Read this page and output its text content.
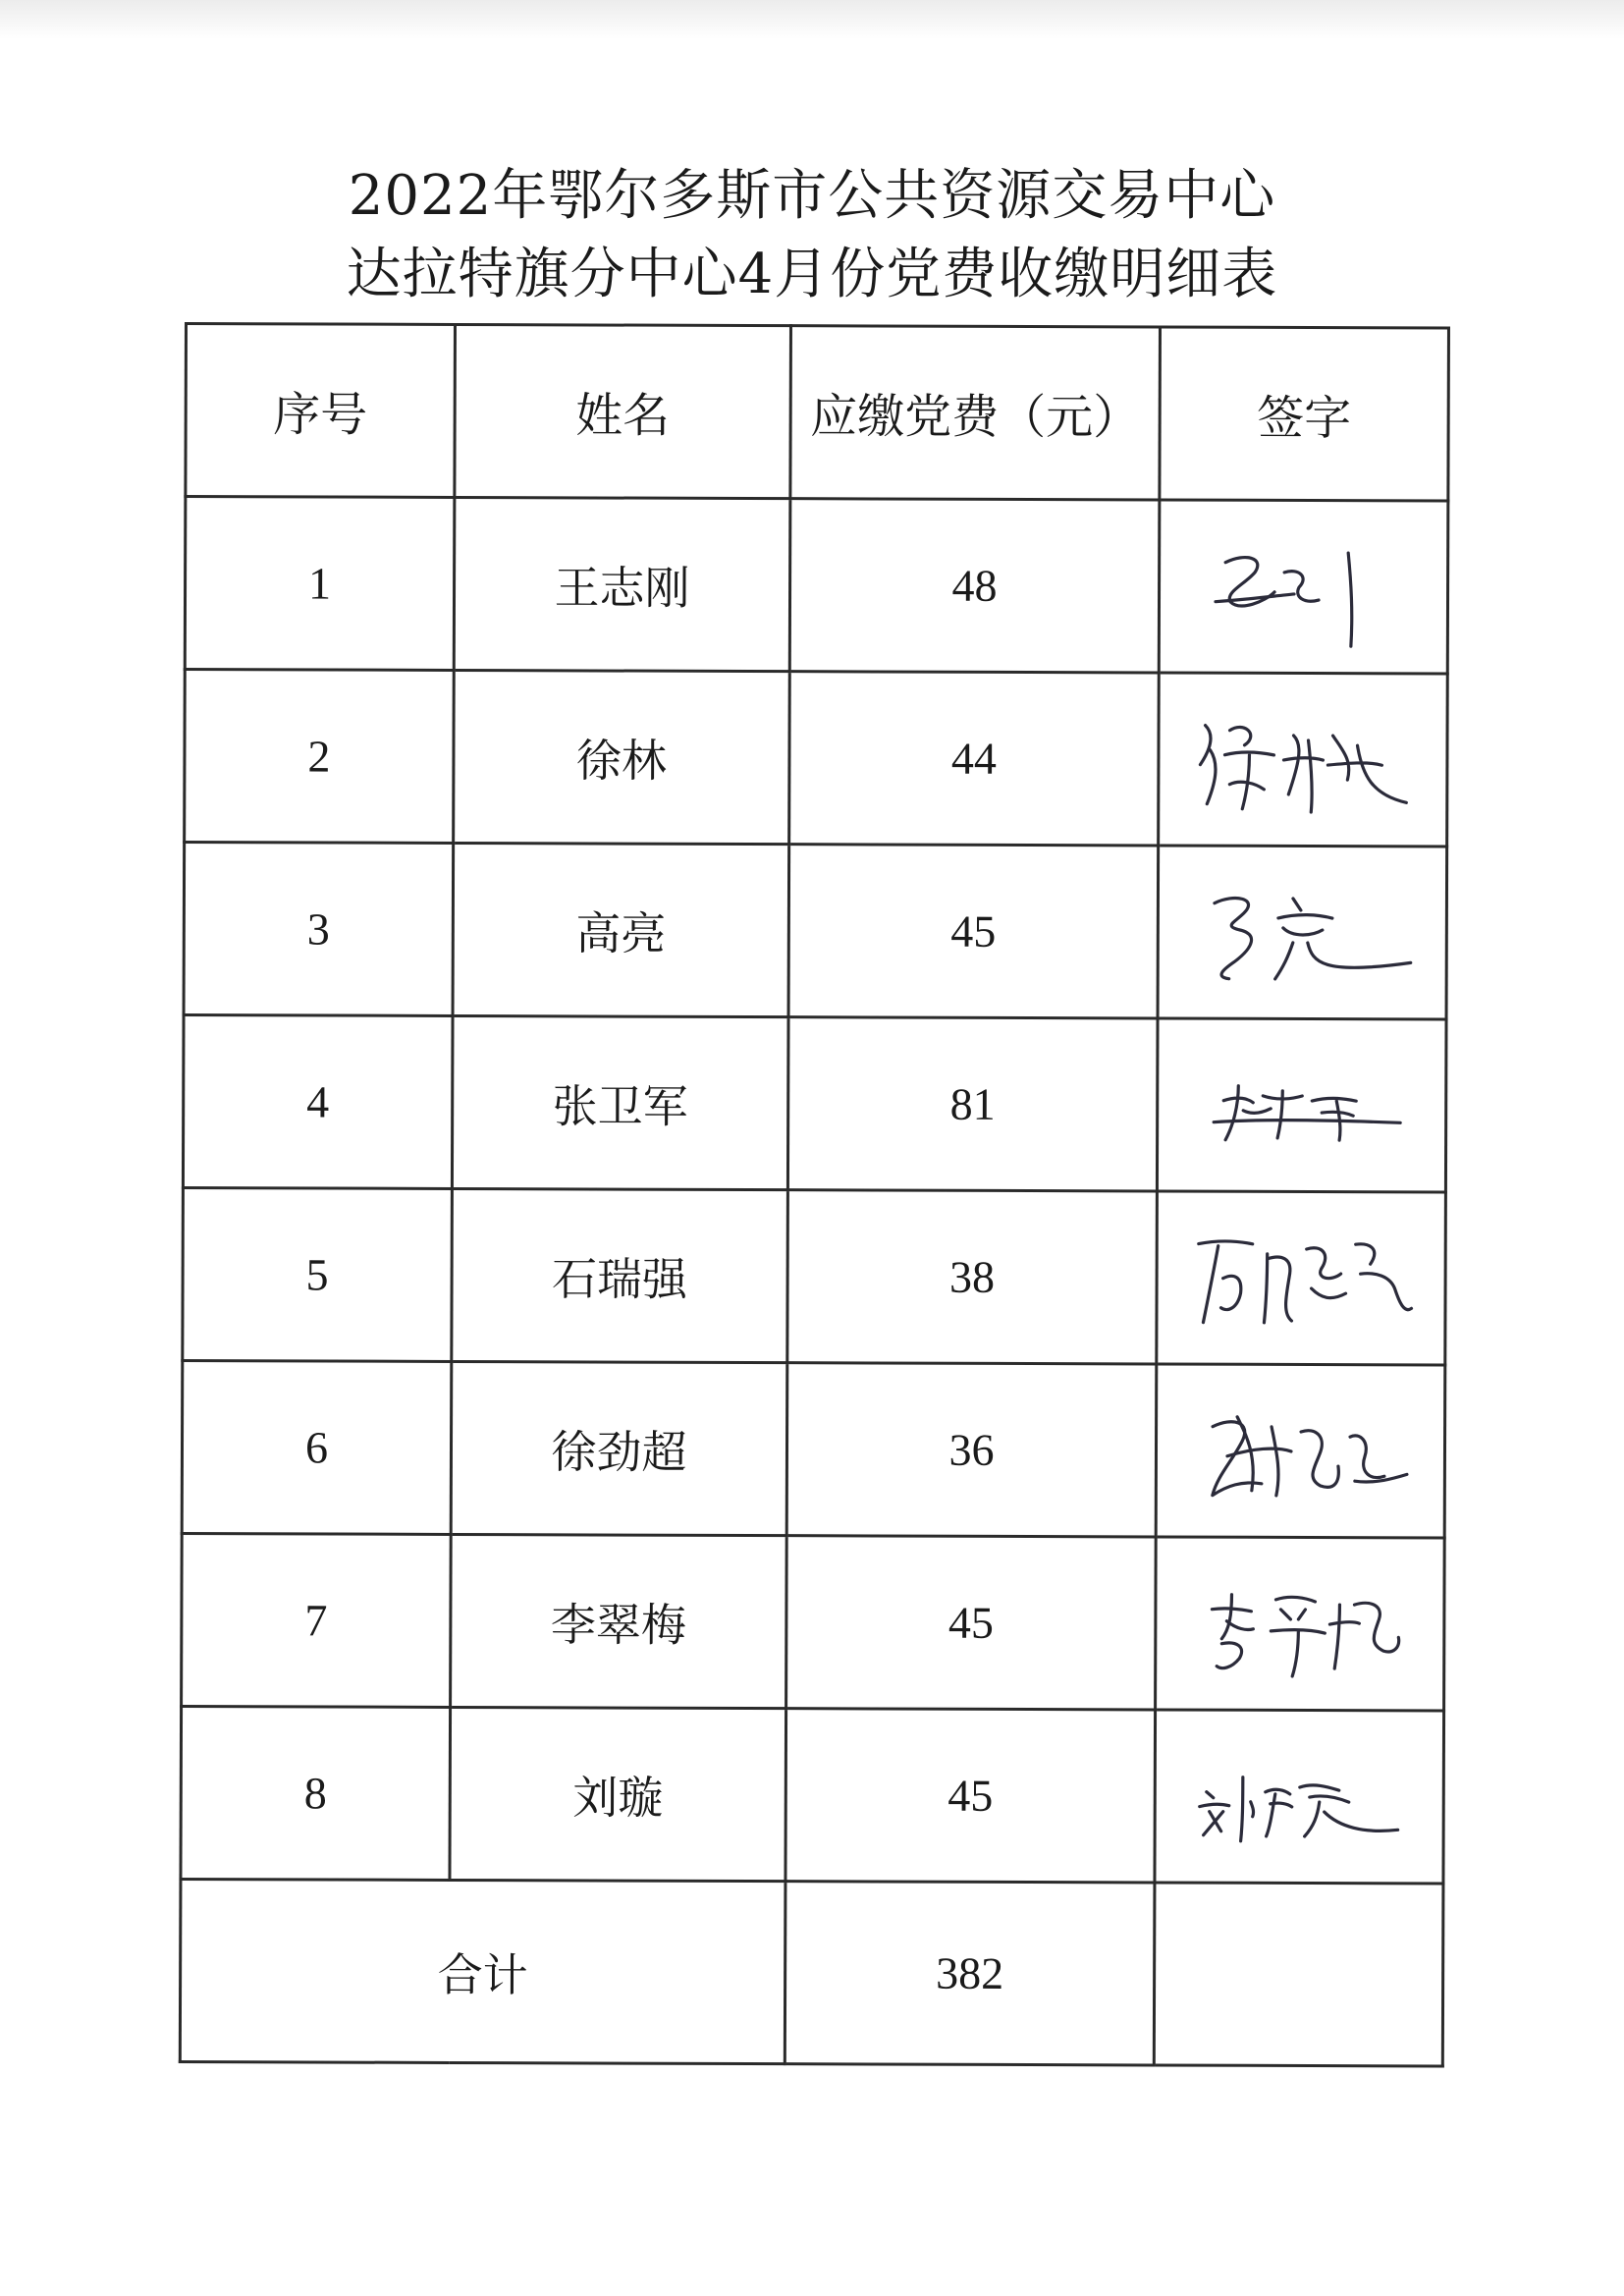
2022年鄂尔多斯市公共资源交易中心
达拉特旗分中心4月份党费收缴明细表
序号	姓名	应缴党费（元）	签字
1	王志刚	48	

2	徐林	44	

3	高亮	45	

4	张卫军	81	

5	石瑞强	38	

6	徐劲超	36	

7	李翠梅	45	

8	刘璇	45	

合计		382	
